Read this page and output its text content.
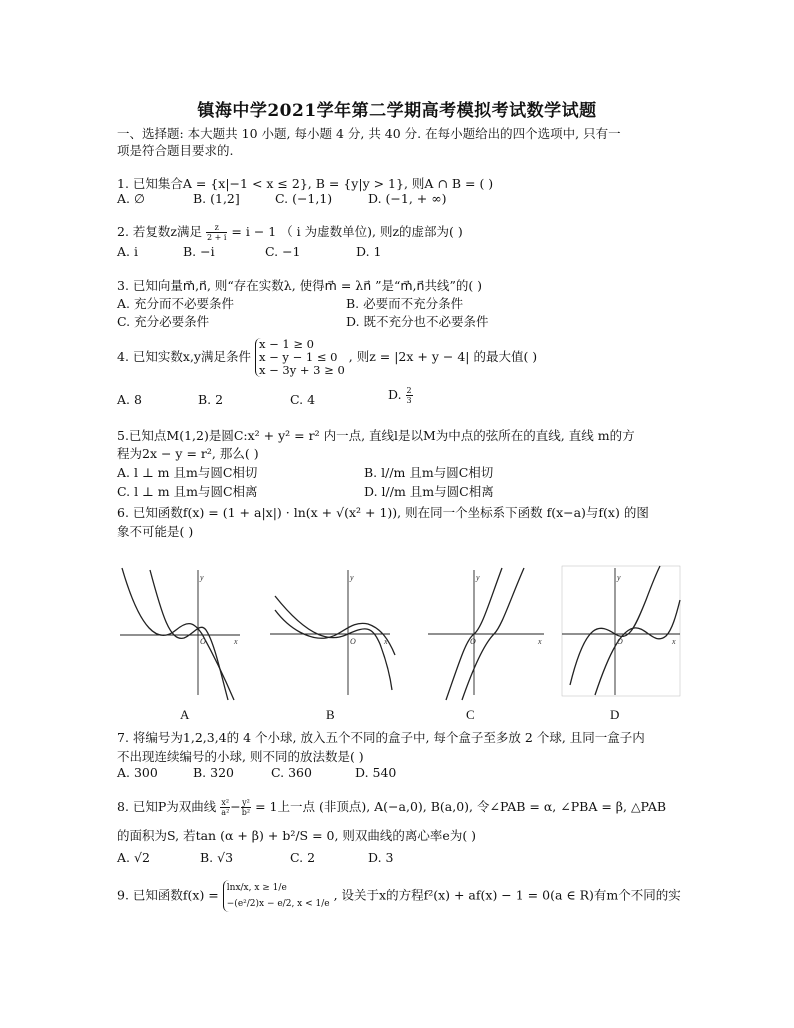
镇海中学2021学年第二学期高考模拟考试数学试题
一、选择题: 本大题共 10 小题, 每小题 4 分, 共 40 分. 在每小题给出的四个选项中, 只有一
项是符合题目要求的.
1. 已知集合A = {x|−1 < x ≤ 2}, B = {y|y > 1}, 则A ∩ B = ( )
A. ∅	B. (1,2]	C. (−1,1)	D. (−1, + ∞)
2. 若复数z满足 $\frac{z}{2 + i} = i - 1$ （ i 为虚数单位), 则z的虚部为( )
A. i	B. −i	C. −1	D. 1
3. 已知向量m⃗,n⃗, 则“存在实数λ, 使得m⃗ = λn⃗ ”是“m⃗,n⃗共线”的( )
A. 充分而不必要条件	B. 必要而不充分条件
C. 充分必要条件	D. 既不充分也不必要条件
4. 已知实数x,y满足条件
x − 1 ≥ 0
x − y − 1 ≤ 0
x − 3y + 3 ≥ 0
, 则z = |2x + y − 4| 的最大值( )
A. 8	B. 2	C. 4	D. $\frac{2}{3}$
5.已知点M(1,2)是圆C:x² + y² = r² 内一点, 直线l是以M为中点的弦所在的直线, 直线 m的方
程为2x − y = r², 那么( )
A. l ⊥ m 且m与圆C相切	B. l//m 且m与圆C相切
C. l ⊥ m 且m与圆C相离	D. l//m 且m与圆C相离
6. 已知函数f(x) = (1 + a|x|) · ln(x + √(x² + 1)), 则在同一个坐标系下函数 f(x−a)与f(x) 的图
象不可能是( )
y
O	x
y
O	x
y
O	x
y
O	x
A	B	C	D
7. 将编号为1,2,3,4的 4 个小球, 放入五个不同的盒子中, 每个盒子至多放 2 个球, 且同一盒子内
不出现连续编号的小球, 则不同的放法数是( )
A. 300	B. 320	C. 360	D. 540
8. 已知P为双曲线 $\frac{\text{x²}}{\text{a²}} - \frac{\text{y²}}{\text{b²}} = 1$上一点 (非顶点), A(−a,0), B(a,0), 令∠PAB = α, ∠PBA = β, △PAB
的面积为S, 若tan (α + β) + b²/S = 0, 则双曲线的离心率e为( )
A. √2	B. √3	C. 2	D. 3
9. 已知函数f(x) = lnx/x, x ≥ 1/e
−(e²/2)x − e/2, x < 1/e
, 设关于x的方程f²(x) + af(x) − 1 = 0(a ∈ R)有m个不同的实
